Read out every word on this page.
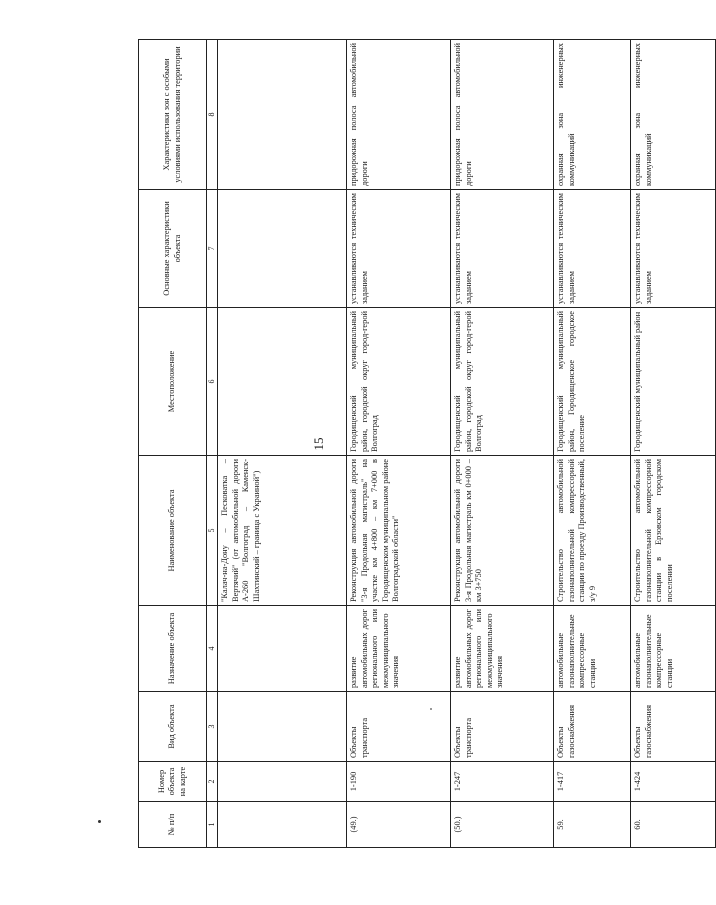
15
№ п/п	Номер объекта на карте	Вид объекта	Назначение объекта	Наименование объекта	Местоположение	Основные характеристики объекта	Характеристики зон с особыми условиями использования территории
1	2	3	4	5	6	7	8
				"Калач-на-Дону – Песковатка – Вертячий" (от автомобильной дороги А-260 "Волгоград – Каменск-Шахтинский – граница с Украиной")			
(49.)	1-190	Объекты транспорта	развитие автомобильных дорог регионального или межмуниципального значения	Реконструкция автомобильной дороги "3-я Продольная магистраль" на участке км 4+800 – км 7+000 в Городищенском муниципальном районе Волгоградской области"	Городищенский муниципальный район, городской округ город-герой Волгоград	устанавливаются техническим заданием	придорожная полоса автомобильной дороги
(50.)	1-247	Объекты транспорта	развитие автомобильных дорог регионального или межмуниципального значения	Реконструкция автомобильной дороги 3-я Продольная магистраль км 0+000 – км 3+750	Городищенский муниципальный район, городской округ город-герой Волгоград	устанавливаются техническим заданием	придорожная полоса автомобильной дороги
59.	1-417	Объекты газоснабжения	автомобильные газонаполнительные компрессорные станции	Строительство автомобильной газонаполнительной компрессорной станции по проезду Производственный, з/у 9	Городищенский муниципальный район, Городищенское городское поселение	устанавливаются техническим заданием	охранная зона инженерных коммуникаций
60.	1-424	Объекты газоснабжения	автомобильные газонаполнительные компрессорные станции	Строительство автомобильной газонаполнительной компрессорной станции в Ерзовском городском поселении	Городищенский муниципальный район	устанавливаются техническим заданием	охранная зона инженерных коммуникаций
